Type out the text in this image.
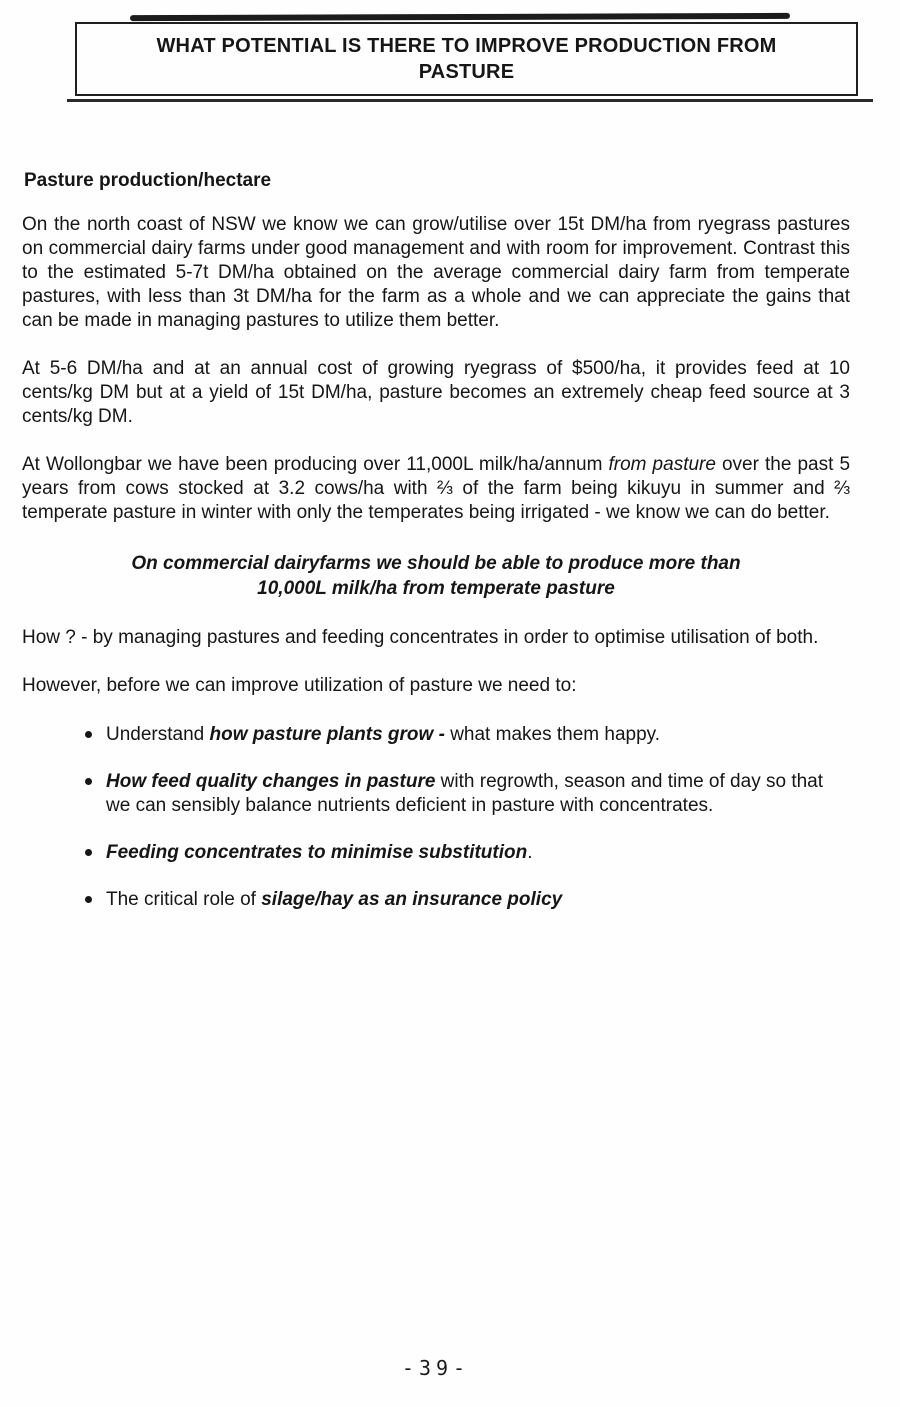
WHAT POTENTIAL IS THERE TO IMPROVE PRODUCTION FROM PASTURE
Pasture production/hectare

On the north coast of NSW we know we can grow/utilise over 15t DM/ha from ryegrass pastures on commercial dairy farms under good management and with room for improvement. Contrast this to the estimated 5-7t DM/ha obtained on the average commercial dairy farm from temperate pastures, with less than 3t DM/ha for the farm as a whole and we can appreciate the gains that can be made in managing pastures to utilize them better.

At 5-6 DM/ha and at an annual cost of growing ryegrass of $500/ha, it provides feed at 10 cents/kg DM but at a yield of 15t DM/ha, pasture becomes an extremely cheap feed source at 3 cents/kg DM.

At Wollongbar we have been producing over 11,000L milk/ha/annum from pasture over the past 5 years from cows stocked at 3.2 cows/ha with ⅔ of the farm being kikuyu in summer and ⅔ temperate pasture in winter with only the temperates being irrigated - we know we can do better.

On commercial dairyfarms we should be able to produce more than
10,000L milk/ha from temperate pasture

How ? - by managing pastures and feeding concentrates in order to optimise utilisation of both.

However, before we can improve utilization of pasture we need to:

Understand how pasture plants grow - what makes them happy.
How feed quality changes in pasture with regrowth, season and time of day so that we can sensibly balance nutrients deficient in pasture with concentrates.
Feeding concentrates to minimise substitution.
The critical role of silage/hay as an insurance policy
-39-
